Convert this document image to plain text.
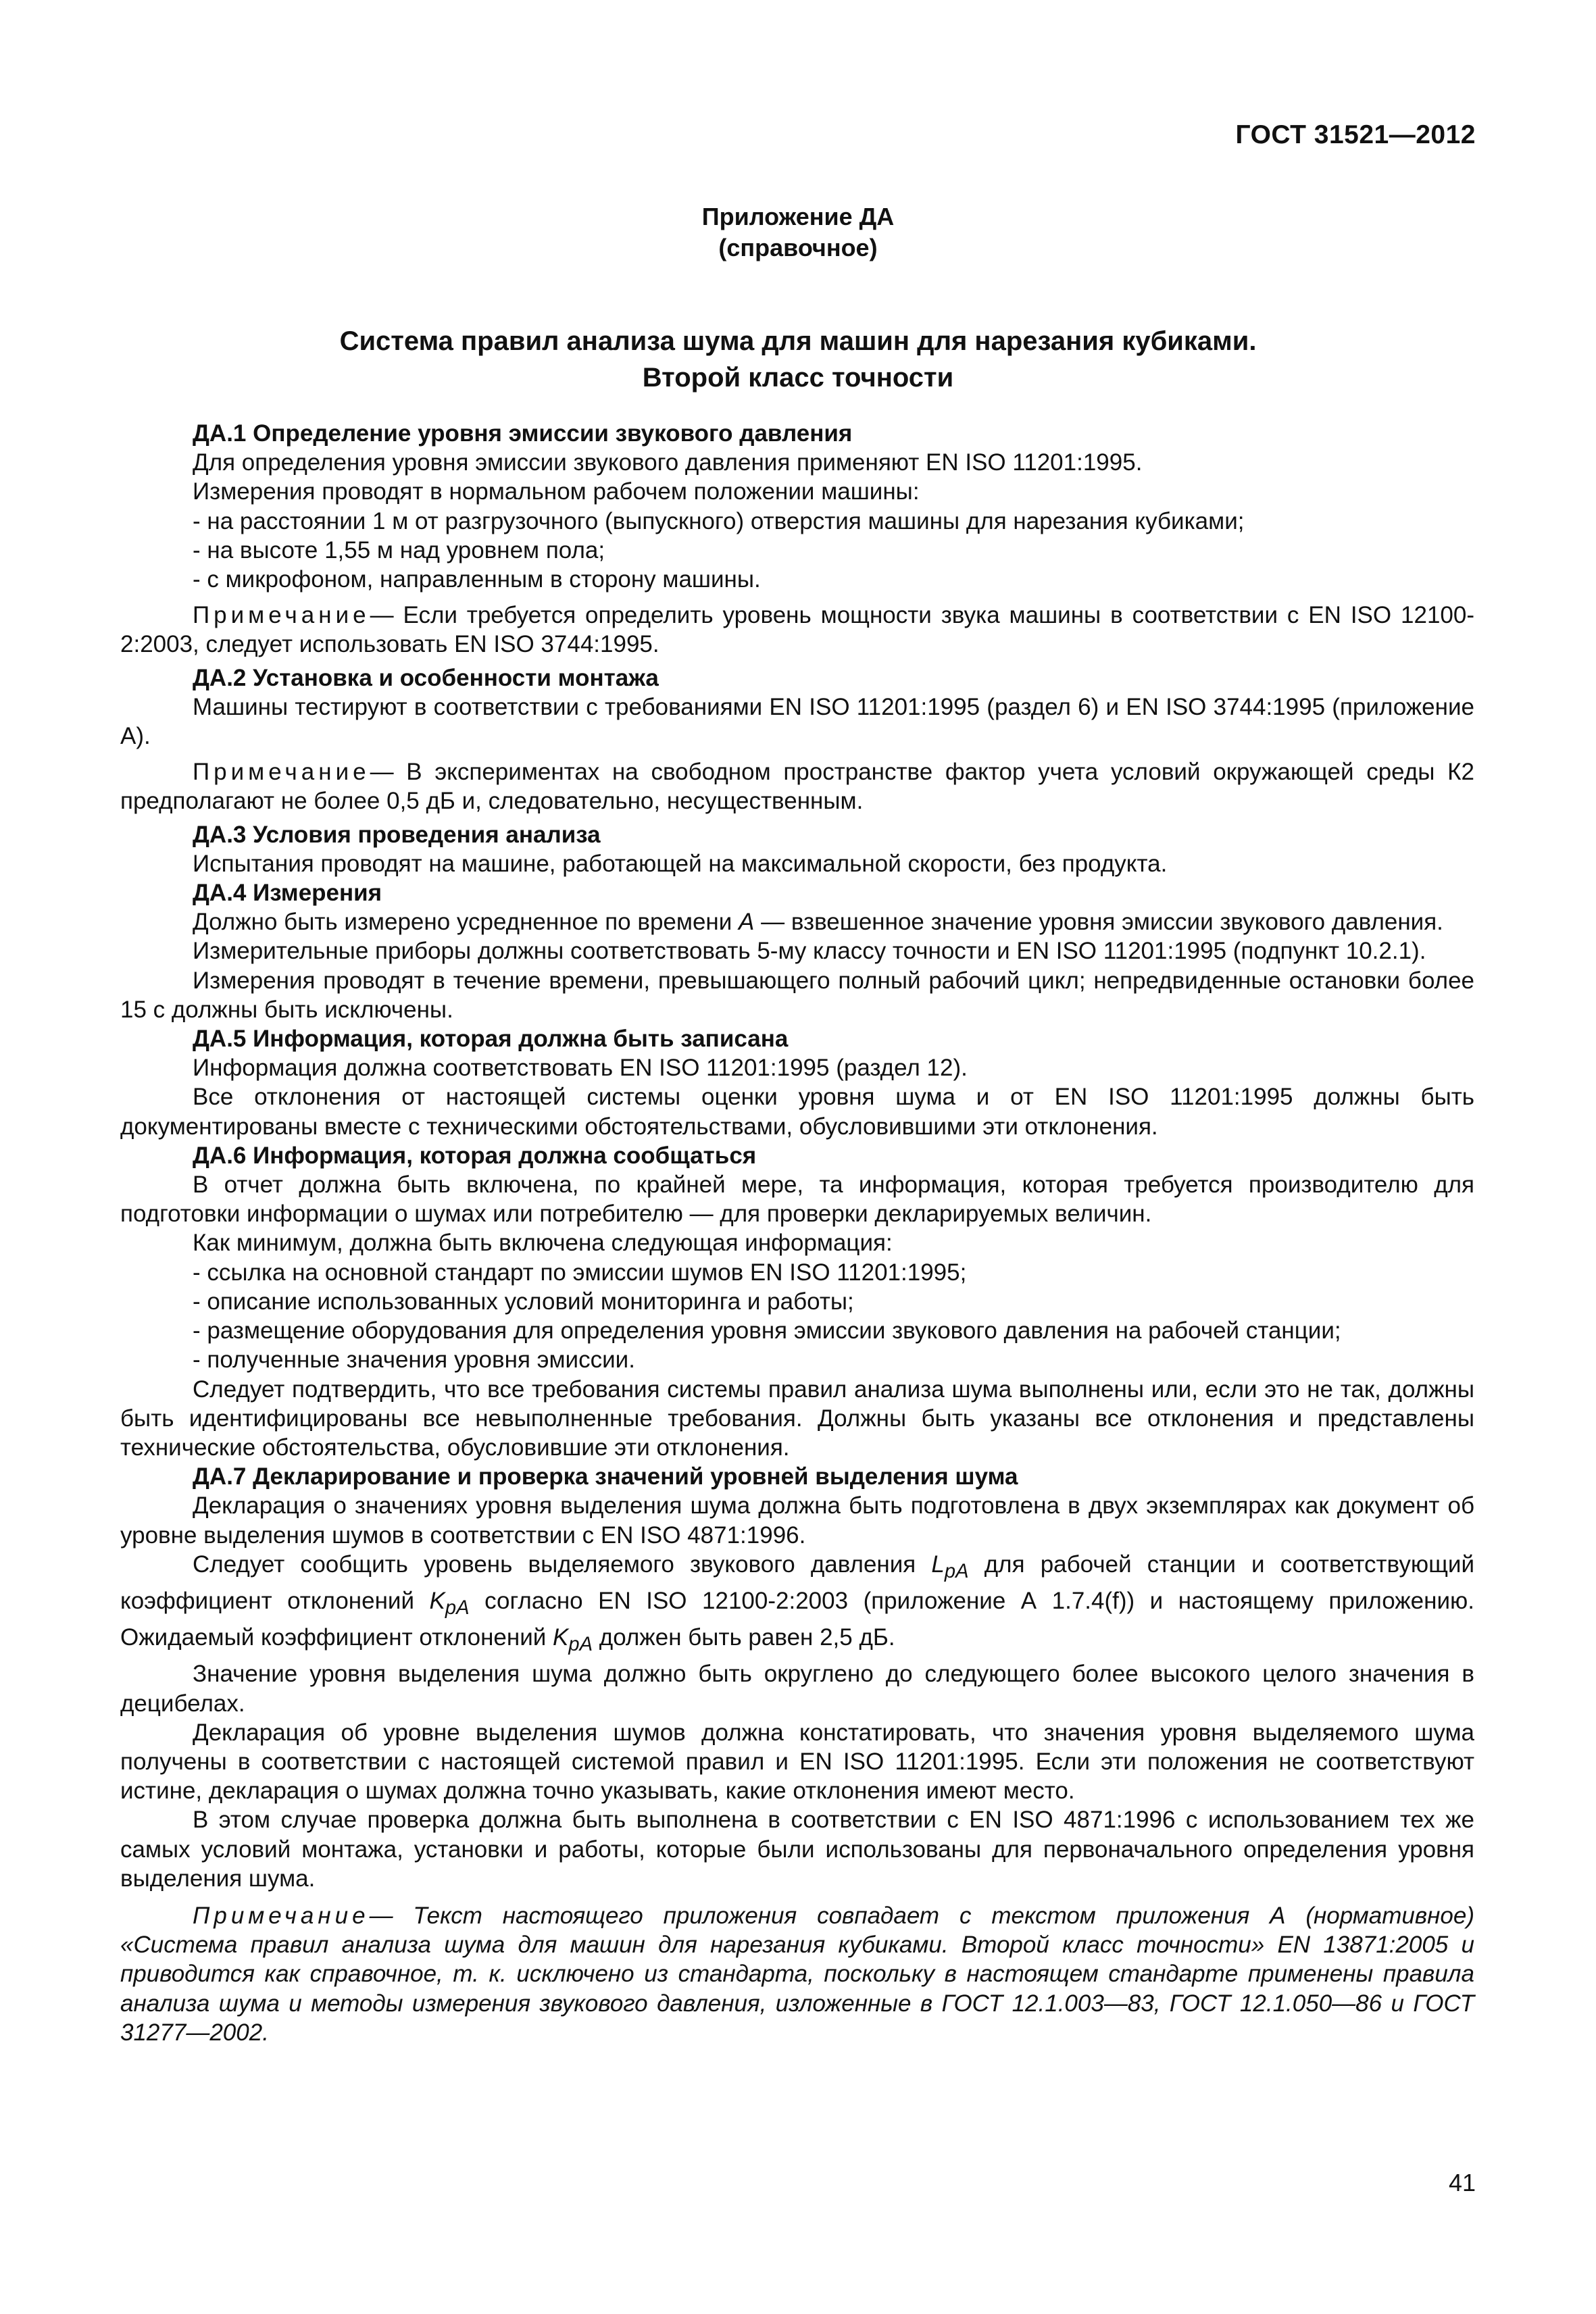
ГОСТ 31521—2012
Приложение ДА
(справочное)
Система правил анализа шума для машин для нарезания кубиками.
Второй класс точности

ДА.1 Определение уровня эмиссии звукового давления

Для определения уровня эмиссии звукового давления применяют EN ISO 11201:1995.

Измерения проводят в нормальном рабочем положении машины:

- на расстоянии 1 м от разгрузочного (выпускного) отверстия машины для нарезания кубиками;

- на высоте 1,55 м над уровнем пола;

- с микрофоном, направленным в сторону машины.

Примечание— Если требуется определить уровень мощности звука машины в соответствии с EN ISO 12100-2:2003, следует использовать EN ISO 3744:1995.

ДА.2 Установка и особенности монтажа

Машины тестируют в соответствии с требованиями EN ISO 11201:1995 (раздел 6) и EN ISO 3744:1995 (приложение А).

Примечание— В экспериментах на свободном пространстве фактор учета условий окружающей среды К2 предполагают не более 0,5 дБ и, следовательно, несущественным.

ДА.3 Условия проведения анализа

Испытания проводят на машине, работающей на максимальной скорости, без продукта.

ДА.4 Измерения

Должно быть измерено усредненное по времени А — взвешенное значение уровня эмиссии звукового давления.

Измерительные приборы должны соответствовать 5-му классу точности и EN ISO 11201:1995 (подпункт 10.2.1).

Измерения проводят в течение времени, превышающего полный рабочий цикл; непредвиденные остановки более 15 с должны быть исключены.

ДА.5 Информация, которая должна быть записана

Информация должна соответствовать EN ISO 11201:1995 (раздел 12).

Все отклонения от настоящей системы оценки уровня шума и от EN ISO 11201:1995 должны быть документированы вместе с техническими обстоятельствами, обусловившими эти отклонения.

ДА.6 Информация, которая должна сообщаться

В отчет должна быть включена, по крайней мере, та информация, которая требуется производителю для подготовки информации о шумах или потребителю — для проверки декларируемых величин.

Как минимум, должна быть включена следующая информация:

- ссылка на основной стандарт по эмиссии шумов EN ISO 11201:1995;

- описание использованных условий мониторинга и работы;

- размещение оборудования для определения уровня эмиссии звукового давления на рабочей станции;

- полученные значения уровня эмиссии.

Следует подтвердить, что все требования системы правил анализа шума выполнены или, если это не так, должны быть идентифицированы все невыполненные требования. Должны быть указаны все отклонения и представлены технические обстоятельства, обусловившие эти отклонения.

ДА.7 Декларирование и проверка значений уровней выделения шума

Декларация о значениях уровня выделения шума должна быть подготовлена в двух экземплярах как документ об уровне выделения шумов в соответствии с EN ISO 4871:1996.

Следует сообщить уровень выделяемого звукового давления $L_{pA}$ для рабочей станции и соответствующий коэффициент отклонений $K_{pA}$ согласно EN ISO 12100-2:2003 (приложение А 1.7.4(f)) и настоящему приложению. Ожидаемый коэффициент отклонений $K_{pA}$ должен быть равен 2,5 дБ.

Значение уровня выделения шума должно быть округлено до следующего более высокого целого значения в децибелах.

Декларация об уровне выделения шумов должна констатировать, что значения уровня выделяемого шума получены в соответствии с настоящей системой правил и EN ISO 11201:1995. Если эти положения не соответствуют истине, декларация о шумах должна точно указывать, какие отклонения имеют место.

В этом случае проверка должна быть выполнена в соответствии с EN ISO 4871:1996 с использованием тех же самых условий монтажа, установки и работы, которые были использованы для первоначального определения уровня выделения шума.

Примечание— Текст настоящего приложения совпадает с текстом приложения А (нормативное) «Система правил анализа шума для машин для нарезания кубиками. Второй класс точности» EN 13871:2005 и приводится как справочное, т. к. исключено из стандарта, поскольку в настоящем стандарте применены правила анализа шума и методы измерения звукового давления, изложенные в ГОСТ 12.1.003—83, ГОСТ 12.1.050—86 и ГОСТ 31277—2002.

41
